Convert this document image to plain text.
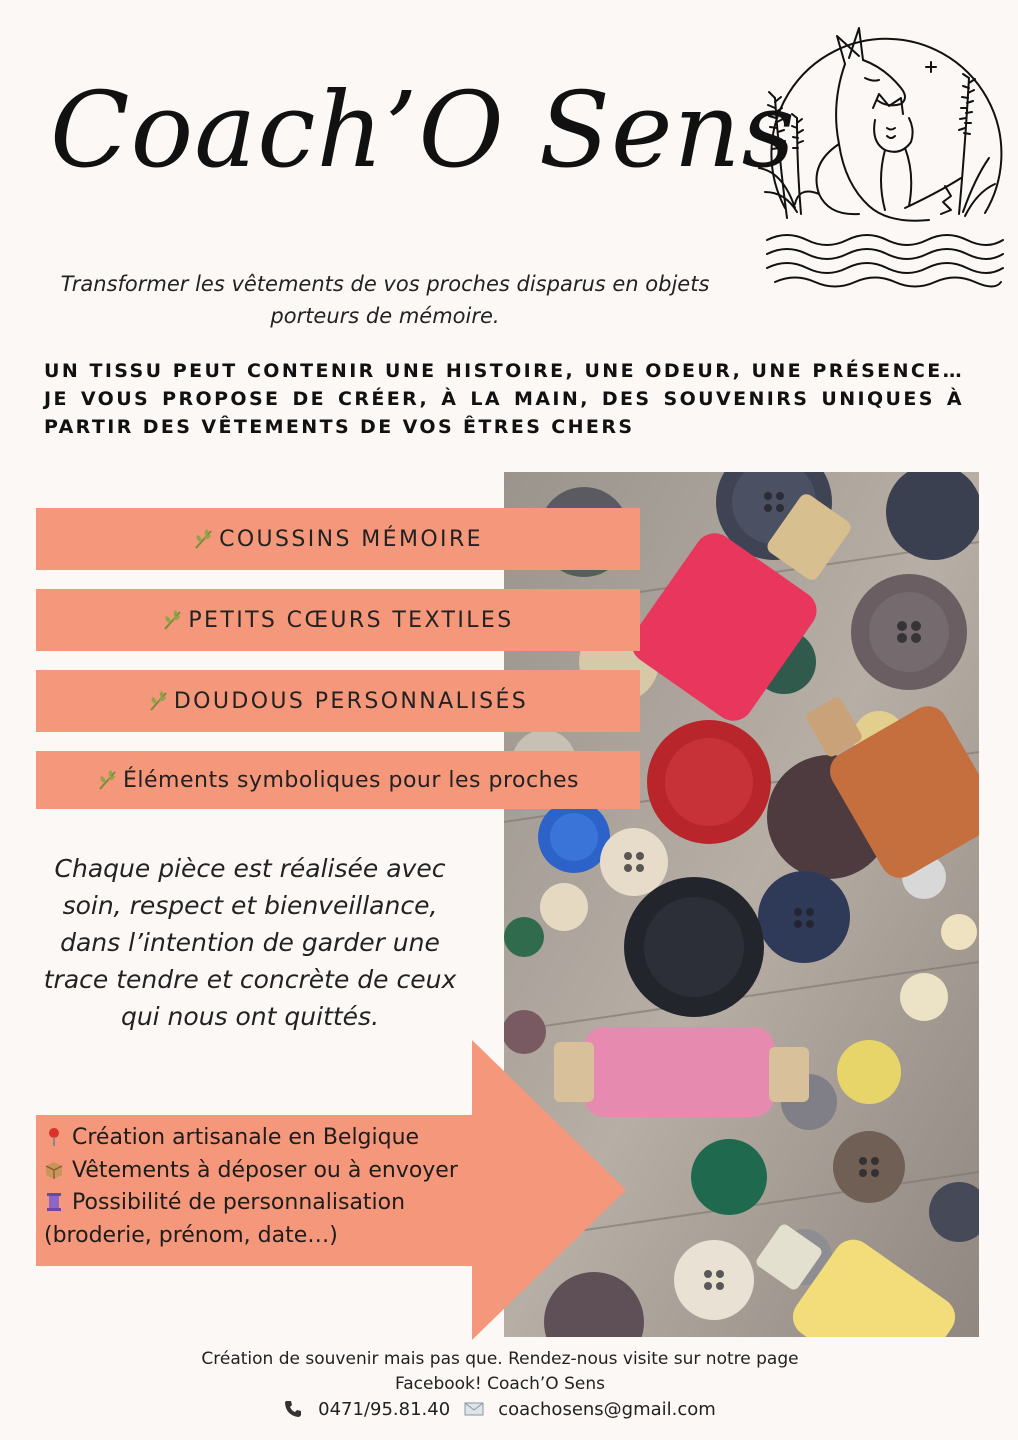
Coach’O Sens
Transformer les vêtements de vos proches disparus en objets porteurs de mémoire.
UN TISSU PEUT CONTENIR UNE HISTOIRE, UNE ODEUR, UNE PRÉSENCE… JE VOUS PROPOSE DE CRÉER, À LA MAIN, DES SOUVENIRS UNIQUES À PARTIR DES VÊTEMENTS DE VOS ÊTRES CHERS
COUSSINS MÉMOIRE
PETITS CŒURS TEXTILES
DOUDOUS PERSONNALISÉS
Éléments symboliques pour les proches
Chaque pièce est réalisée avec soin, respect et bienveillance, dans l’intention de garder une trace tendre et concrète de ceux qui nous ont quittés.
Création artisanale en Belgique
Vêtements à déposer ou à envoyer
Possibilité de personnalisation
(broderie, prénom, date…)
Création de souvenir mais pas que. Rendez-nous visite sur notre page
Facebook! Coach’O Sens
0471/95.81.40	coachosens@gmail.com
